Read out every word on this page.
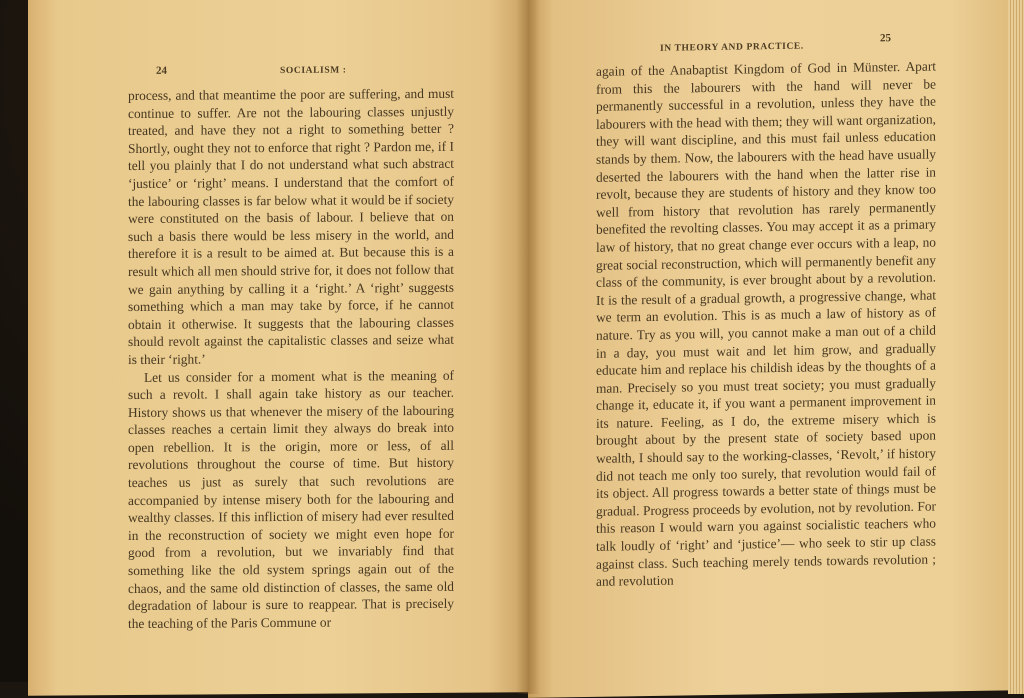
24	SOCIALISM :

process, and that meantime the poor are suffering, and must continue to suffer. Are not the labouring classes unjustly treated, and have they not a right to something better ? Shortly, ought they not to enforce that right ? Pardon me, if I tell you plainly that I do not understand what such abstract ‘justice’ or ‘right’ means. I understand that the comfort of the labouring classes is far below what it would be if society were constituted on the basis of labour. I believe that on such a basis there would be less misery in the world, and therefore it is a result to be aimed at. But because this is a result which all men should strive for, it does not follow that we gain anything by calling it a ‘right.’ A ‘right’ suggests something which a man may take by force, if he cannot obtain it otherwise. It suggests that the labouring classes should revolt against the capitalistic classes and seize what is their ‘right.’

Let us consider for a moment what is the meaning of such a revolt. I shall again take history as our teacher. History shows us that whenever the misery of the labouring classes reaches a certain limit they always do break into open rebellion. It is the origin, more or less, of all revolutions throughout the course of time. But history teaches us just as surely that such revolutions are accompanied by intense misery both for the labouring and wealthy classes. If this infliction of misery had ever resulted in the reconstruction of society we might even hope for good from a revolution, but we invariably find that something like the old system springs again out of the chaos, and the same old distinction of classes, the same old degradation of labour is sure to reappear. That is precisely the teaching of the Paris Commune or

IN THEORY AND PRACTICE.
25

again of the Anabaptist Kingdom of God in Münster. Apart from this the labourers with the hand will never be permanently successful in a revolution, unless they have the labourers with the head with them; they will want organization, they will want discipline, and this must fail unless education stands by them. Now, the labourers with the head have usually deserted the labourers with the hand when the latter rise in revolt, because they are students of history and they know too well from history that revolution has rarely permanently benefited the revolting classes. You may accept it as a primary law of history, that no great change ever occurs with a leap, no great social reconstruction, which will permanently benefit any class of the community, is ever brought about by a revolution. It is the result of a gradual growth, a progressive change, what we term an evolution. This is as much a law of history as of nature. Try as you will, you cannot make a man out of a child in a day, you must wait and let him grow, and gradually educate him and replace his childish ideas by the thoughts of a man. Precisely so you must treat society; you must gradually change it, educate it, if you want a permanent improvement in its nature. Feeling, as I do, the extreme misery which is brought about by the present state of society based upon wealth, I should say to the working-classes, ‘Revolt,’ if history did not teach me only too surely, that revolution would fail of its object. All progress towards a better state of things must be gradual. Progress proceeds by evolution, not by revolution. For this reason I would warn you against socialistic teachers who talk loudly of ‘right’ and ‘justice’— who seek to stir up class against class. Such teaching merely tends towards revolution ; and revolution
